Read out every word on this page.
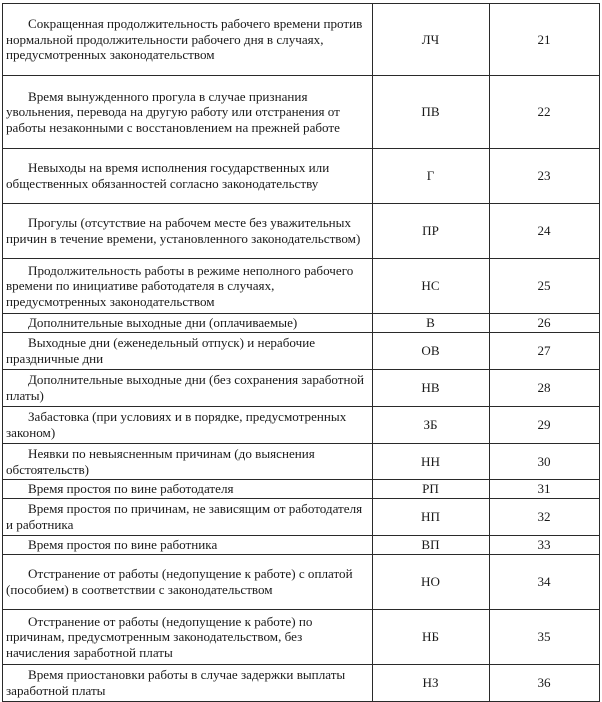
Сокращенная продолжительность рабочего времени против нормальной продолжительности рабочего дня в случаях, предусмотренных законодательством	ЛЧ	21
Время вынужденного прогула в случае признания увольнения, перевода на другую работу или отстранения от работы незаконными с восстановлением на прежней работе	ПВ	22
Невыходы на время исполнения государственных или общественных обязанностей согласно законодательству	Г	23
Прогулы (отсутствие на рабочем месте без уважительных причин в течение времени, установленного законодательством)	ПР	24
Продолжительность работы в режиме неполного рабочего времени по инициативе работодателя в случаях, предусмотренных законодательством	НС	25
Дополнительные выходные дни (оплачиваемые)	В	26
Выходные дни (еженедельный отпуск) и нерабочие праздничные дни	ОВ	27
Дополнительные выходные дни (без сохранения заработной платы)	НВ	28
Забастовка (при условиях и в порядке, предусмотренных законом)	ЗБ	29
Неявки по невыясненным причинам (до выяснения обстоятельств)	НН	30
Время простоя по вине работодателя	РП	31
Время простоя по причинам, не зависящим от работодателя и работника	НП	32
Время простоя по вине работника	ВП	33
Отстранение от работы (недопущение к работе) с оплатой (пособием) в соответствии с законодательством	НО	34
Отстранение от работы (недопущение к работе) по причинам, предусмотренным законодательством, без начисления заработной платы	НБ	35
Время приостановки работы в случае задержки выплаты заработной платы	НЗ	36
